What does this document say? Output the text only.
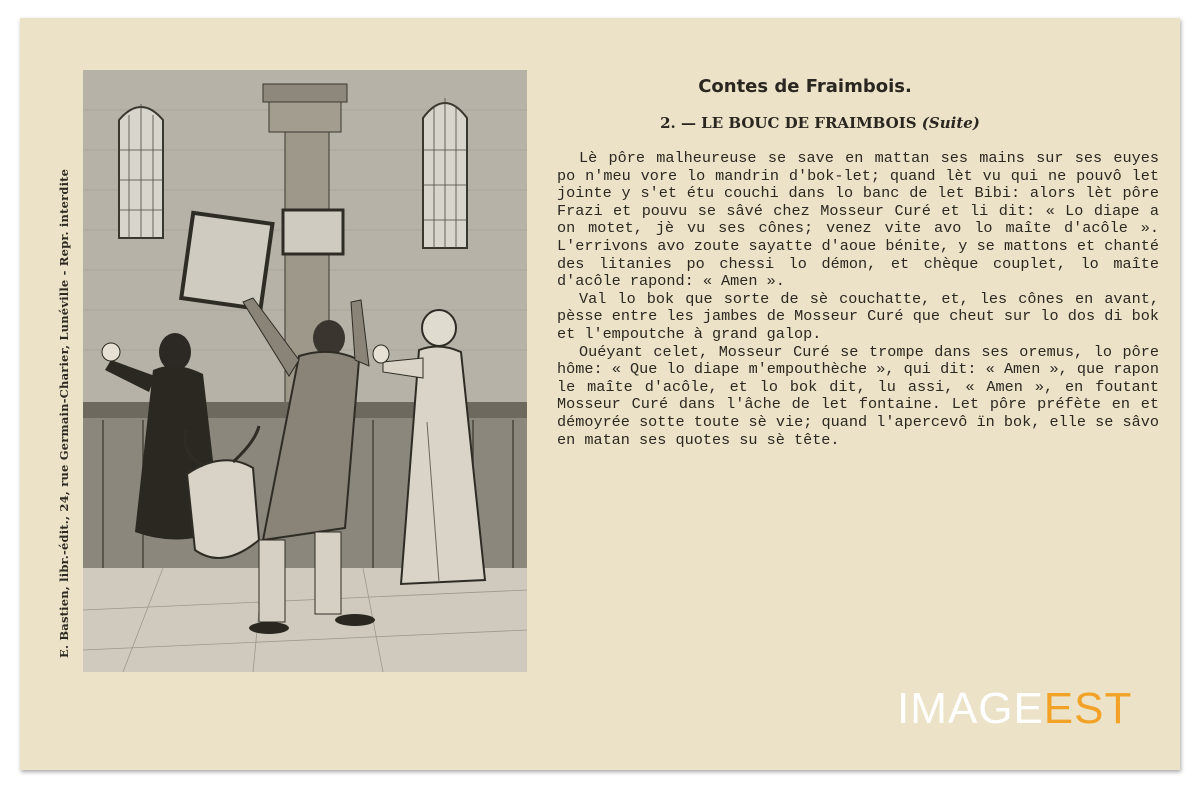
E. Bastien, libr.-édit., 24, rue Germain-Charier, Lunéville - Repr. interdite
Contes de Fraimbois.
2. — LE BOUC DE FRAIMBOIS (Suite)

Lè pôre malheureuse se save en mattan ses mains sur ses euyes po n'meu vore lo mandrin d'bok-let; quand lèt vu qui ne pouvô let jointe y s'et étu couchi dans lo banc de let Bibi: alors lèt pôre Frazi et pouvu se sâvé chez Mosseur Curé et li dit: « Lo diape a on motet, jè vu ses cônes; venez vite avo lo maîte d'acôle ». L'errivons avo zoute sayatte d'aoue bénite, y se mattons et chanté des litanies po chessi lo démon, et chèque couplet, lo maîte d'acôle rapond: « Amen ».

Val lo bok que sorte de sè couchatte, et, les cônes en avant, pèsse entre les jambes de Mosseur Curé que cheut sur lo dos di bok et l'empoutche à grand galop.

Ouéyant celet, Mosseur Curé se trompe dans ses oremus, lo pôre hôme: « Que lo diape m'empouthèche », qui dit: « Amen », que rapon le maîte d'acôle, et lo bok dit, lu assi, « Amen », en foutant Mosseur Curé dans l'âche de let fontaine. Let pôre préfète en et démoyrée sotte toute sè vie; quand l'apercevô ïn bok, elle se sâvo en matan ses quotes su sè tête.

IMAGEEST
